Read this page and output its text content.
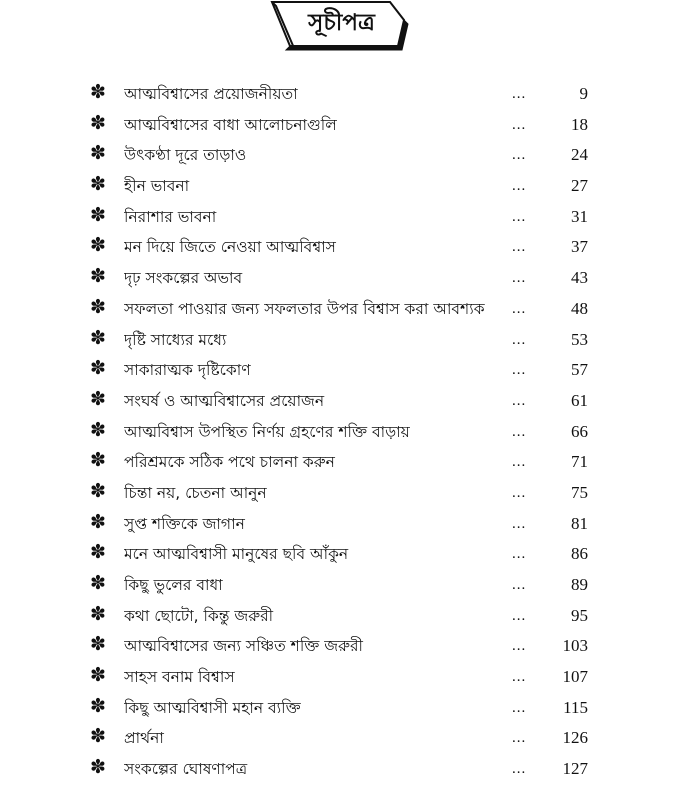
সূচীপত্র
✽ আত্মবিশ্বাসের প্রয়োজনীয়তা	...	9
✽ আত্মবিশ্বাসের বাধা আলোচনাগুলি	...	18
✽ উৎকণ্ঠা দূরে তাড়াও	...	24
✽ হীন ভাবনা	...	27
✽ নিরাশার ভাবনা	...	31
✽ মন দিয়ে জিতে নেওয়া আত্মবিশ্বাস	...	37
✽ দৃঢ় সংকল্পের অভাব	...	43
✽ সফলতা পাওয়ার জন্য সফলতার উপর বিশ্বাস করা আবশ্যক	...	48
✽ দৃষ্টি সাধ্যের মধ্যে	...	53
✽ সাকারাত্মক দৃষ্টিকোণ	...	57
✽ সংঘর্ষ ও আত্মবিশ্বাসের প্রয়োজন	...	61
✽ আত্মবিশ্বাস উপস্থিত নির্ণয় গ্রহণের শক্তি বাড়ায়	...	66
✽ পরিশ্রমকে সঠিক পথে চালনা করুন	...	71
✽ চিন্তা নয়, চেতনা আনুন	...	75
✽ সুপ্ত শক্তিকে জাগান	...	81
✽ মনে আত্মবিশ্বাসী মানুষের ছবি আঁকুন	...	86
✽ কিছু ভুলের বাধা	...	89
✽ কথা ছোটো, কিন্তু জরুরী	...	95
✽ আত্মবিশ্বাসের জন্য সঞ্চিত শক্তি জরুরী	...	103
✽ সাহস বনাম বিশ্বাস	...	107
✽ কিছু আত্মবিশ্বাসী মহান ব্যক্তি	...	115
✽ প্রার্থনা	...	126
✽ সংকল্পের ঘোষণাপত্র	...	127
